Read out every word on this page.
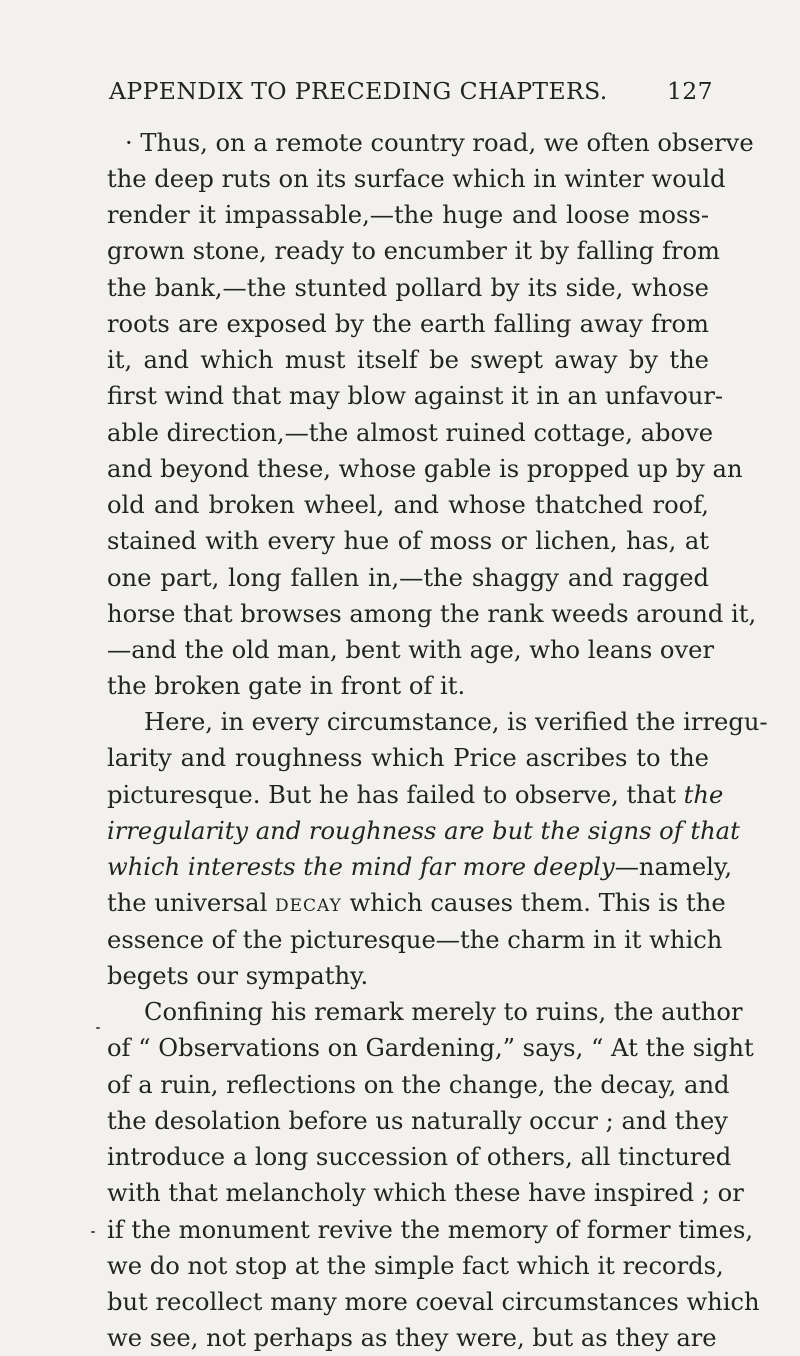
APPENDIX TO PRECEDING CHAPTERS.	127
· Thus, on a remote country road, we often observe
the deep ruts on its surface which in winter would
render it impassable,—the huge and loose moss-
grown stone, ready to encumber it by falling from
the bank,—the stunted pollard by its side, whose
roots are exposed by the earth falling away from
it, and which must itself be swept away by the
first wind that may blow against it in an unfavour-
able direction,—the almost ruined cottage, above
and beyond these, whose gable is propped up by an
old and broken wheel, and whose thatched roof,
stained with every hue of moss or lichen, has, at
one part, long fallen in,—the shaggy and ragged
horse that browses among the rank weeds around it,
—and the old man, bent with age, who leans over
the broken gate in front of it.
Here, in every circumstance, is verified the irregu-
larity and roughness which Price ascribes to the
picturesque. But he has failed to observe, that the
irregularity and roughness are but the signs of that
which interests the mind far more deeply—namely,
the universal DECAY which causes them. This is the
essence of the picturesque—the charm in it which
begets our sympathy.
Confining his remark merely to ruins, the author
of “ Observations on Gardening,” says, “ At the sight
of a ruin, reflections on the change, the decay, and
the desolation before us naturally occur ; and they
introduce a long succession of others, all tinctured
with that melancholy which these have inspired ; or
if the monument revive the memory of former times,
we do not stop at the simple fact which it records,
but recollect many more coeval circumstances which
we see, not perhaps as they were, but as they are
